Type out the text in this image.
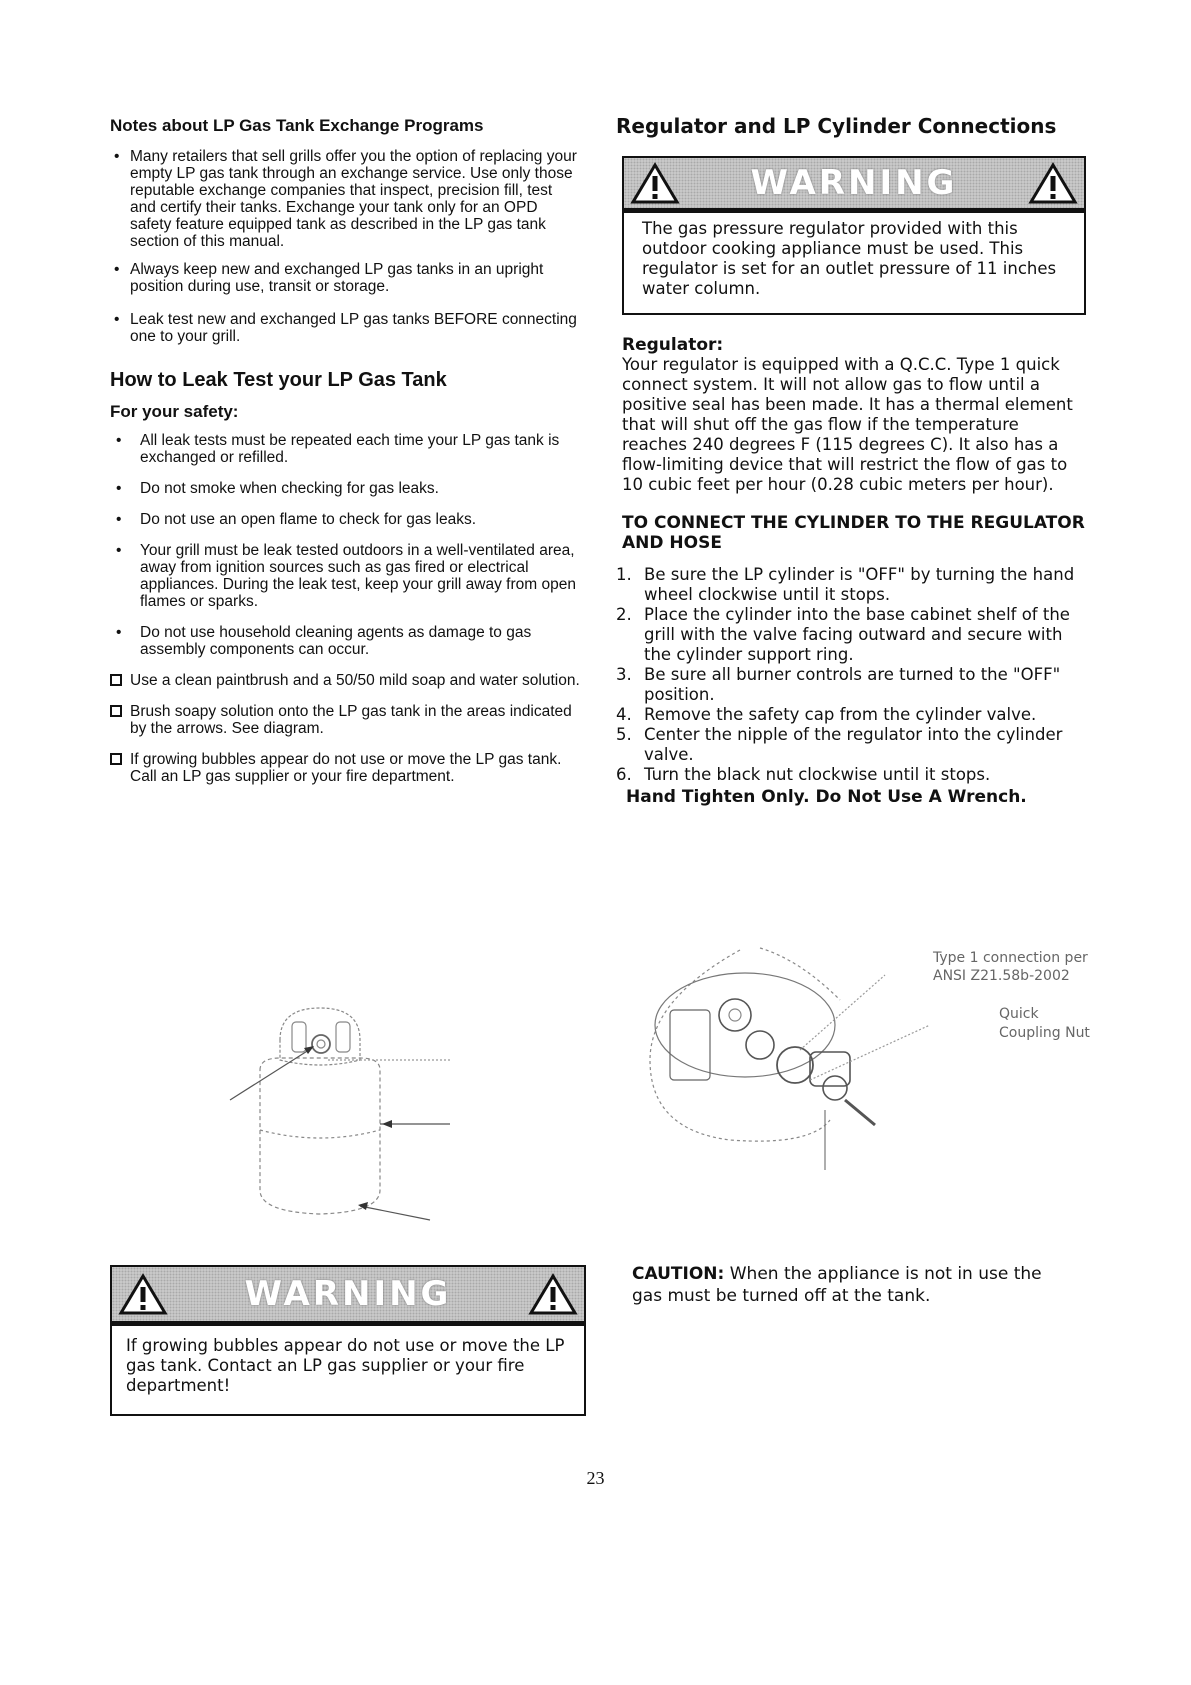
Notes about LP Gas Tank Exchange Programs
• Many retailers that sell grills offer you the option of replacing your empty LP gas tank through an exchange service. Use only those reputable exchange companies that inspect, precision fill, test and certify their tanks. Exchange your tank only for an OPD safety feature equipped tank as described in the LP gas tank section of this manual.
• Always keep new and exchanged LP gas tanks in an upright position during use, transit or storage.
• Leak test new and exchanged LP gas tanks BEFORE connecting one to your grill.
How to Leak Test your LP Gas Tank
For your safety:
• All leak tests must be repeated each time your LP gas tank is exchanged or refilled.
• Do not smoke when checking for gas leaks.
• Do not use an open flame to check for gas leaks.
• Your grill must be leak tested outdoors in a well-ventilated area, away from ignition sources such as gas fired or electrical appliances. During the leak test, keep your grill away from open flames or sparks.
• Do not use household cleaning agents as damage to gas assembly components can occur.
Use a clean paintbrush and a 50/50 mild soap and water solution.
Brush soapy solution onto the LP gas tank in the areas indicated by the arrows. See diagram.
If growing bubbles appear do not use or move the LP gas tank. Call an LP gas supplier or your fire department.
Regulator and LP Cylinder Connections
WARNING
The gas pressure regulator provided with this outdoor cooking appliance must be used. This regulator is set for an outlet pressure of 11 inches water column.
Regulator:
Your regulator is equipped with a Q.C.C. Type 1 quick connect system. It will not allow gas to flow until a positive seal has been made. It has a thermal element that will shut off the gas flow if the temperature reaches 240 degrees F (115 degrees C). It also has a flow-limiting device that will restrict the flow of gas to 10 cubic feet per hour (0.28 cubic meters per hour).
TO CONNECT THE CYLINDER TO THE REGULATOR AND HOSE
1. Be sure the LP cylinder is "OFF" by turning the hand wheel clockwise until it stops.
2. Place the cylinder into the base cabinet shelf of the grill with the valve facing outward and secure with the cylinder support ring.
3. Be sure all burner controls are turned to the "OFF" position.
4. Remove the safety cap from the cylinder valve.
5. Center the nipple of the regulator into the cylinder valve.
6. Turn the black nut clockwise until it stops.
Hand Tighten Only. Do Not Use A Wrench.
Type 1 connection per
ANSI Z21.58b-2002
Quick
Coupling Nut
WARNING
If growing bubbles appear do not use or move the LP gas tank. Contact an LP gas supplier or your fire department!
CAUTION: When the appliance is not in use the gas must be turned off at the tank.
23
